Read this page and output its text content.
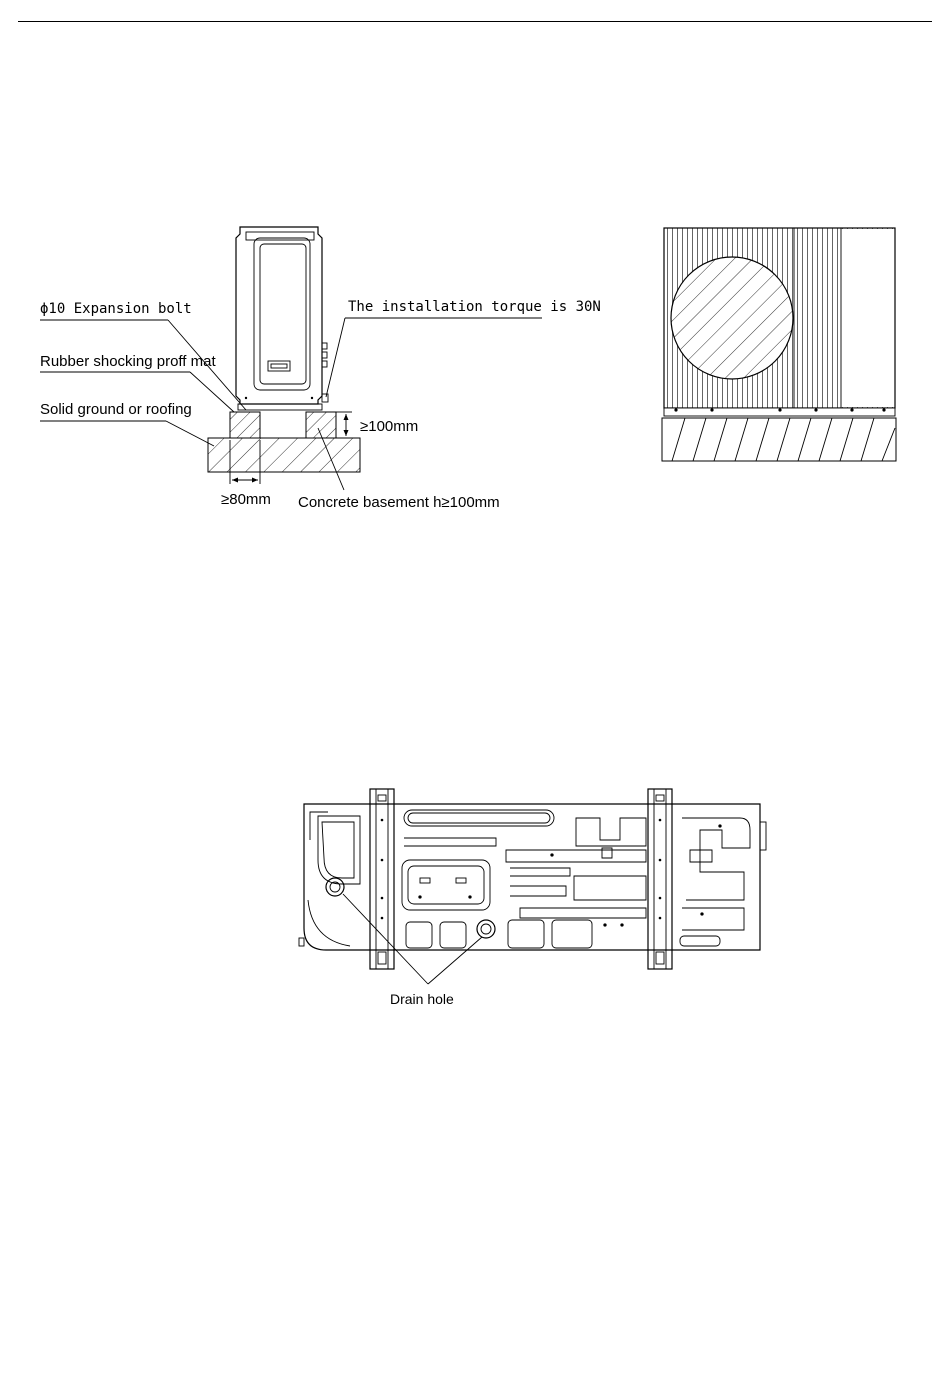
ϕ10 Expansion bolt	The installation torque is 30N
Rubber shocking proff mat
Solid ground or roofing
≥100mm
≥80mm Concrete basement h≥100mm
Drain hole
